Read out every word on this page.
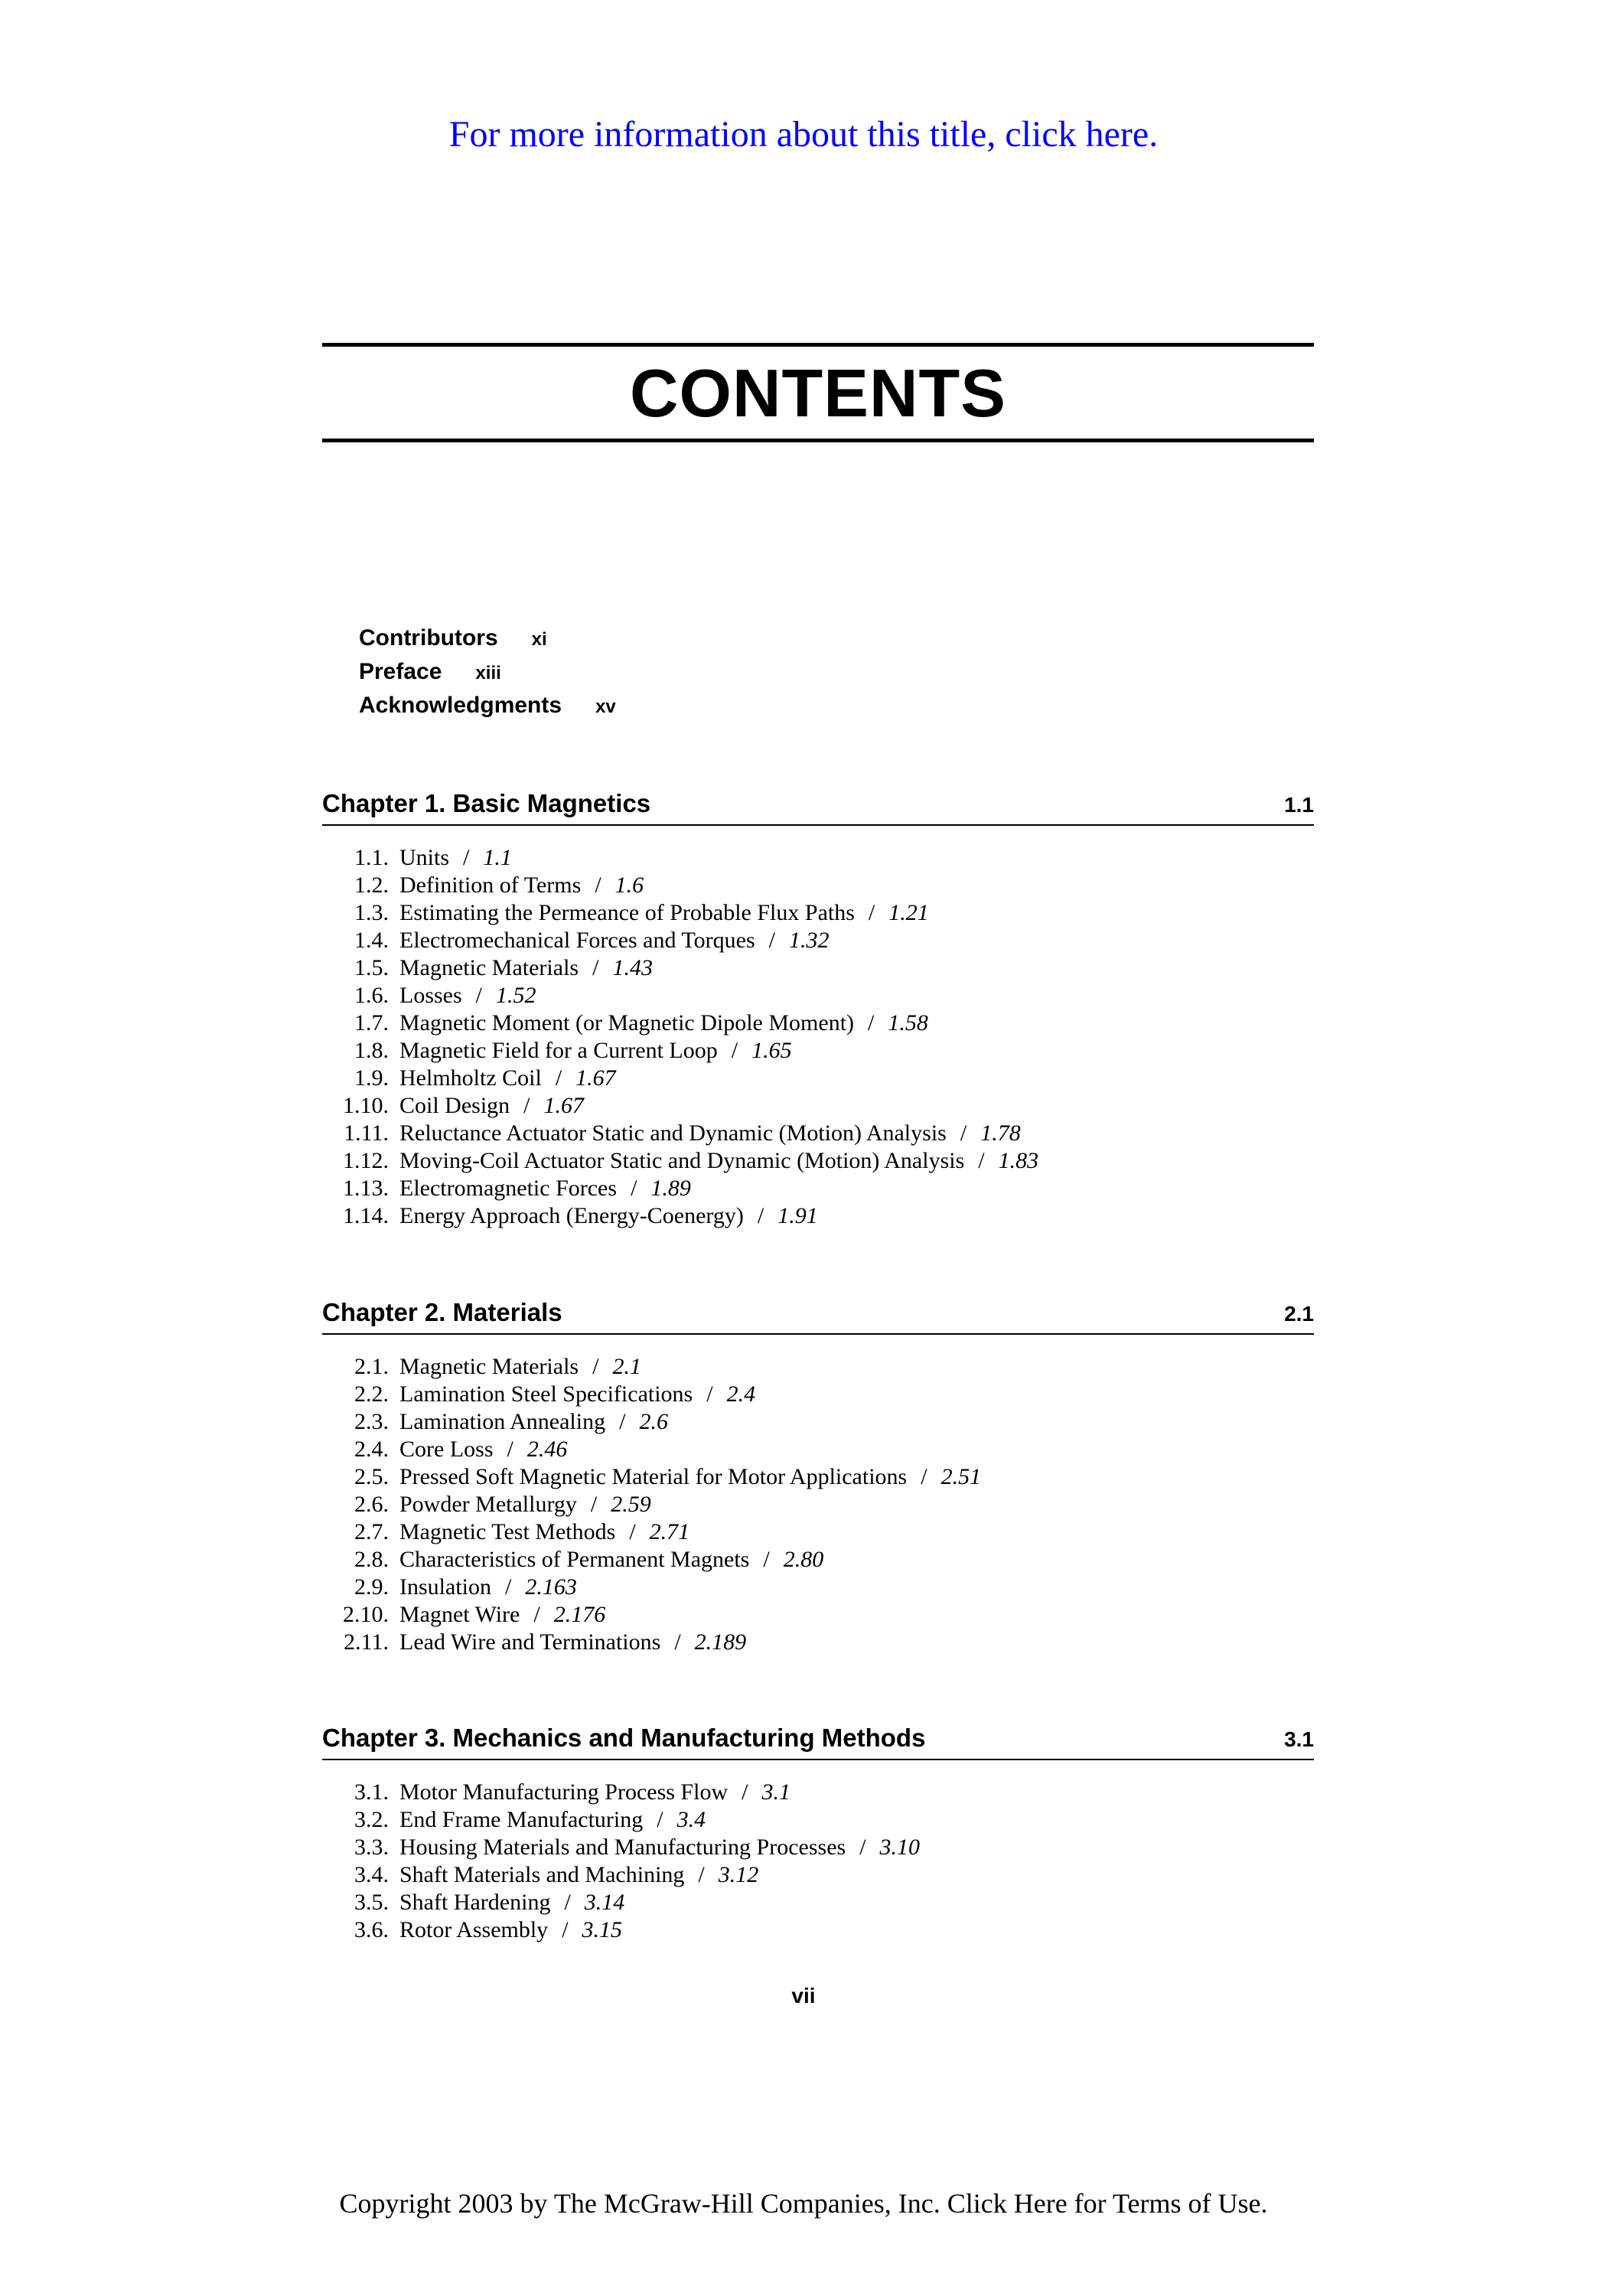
For more information about this title, click here.
CONTENTS
Contributors xi
Preface xiii
Acknowledgments xv
Chapter 1. Basic Magnetics	1.1
1.1. Units / 1.1
1.2. Definition of Terms / 1.6
1.3. Estimating the Permeance of Probable Flux Paths / 1.21
1.4. Electromechanical Forces and Torques / 1.32
1.5. Magnetic Materials / 1.43
1.6. Losses / 1.52
1.7. Magnetic Moment (or Magnetic Dipole Moment) / 1.58
1.8. Magnetic Field for a Current Loop / 1.65
1.9. Helmholtz Coil / 1.67
1.10. Coil Design / 1.67
1.11. Reluctance Actuator Static and Dynamic (Motion) Analysis / 1.78
1.12. Moving-Coil Actuator Static and Dynamic (Motion) Analysis / 1.83
1.13. Electromagnetic Forces / 1.89
1.14. Energy Approach (Energy-Coenergy) / 1.91
Chapter 2. Materials	2.1
2.1. Magnetic Materials / 2.1
2.2. Lamination Steel Specifications / 2.4
2.3. Lamination Annealing / 2.6
2.4. Core Loss / 2.46
2.5. Pressed Soft Magnetic Material for Motor Applications / 2.51
2.6. Powder Metallurgy / 2.59
2.7. Magnetic Test Methods / 2.71
2.8. Characteristics of Permanent Magnets / 2.80
2.9. Insulation / 2.163
2.10. Magnet Wire / 2.176
2.11. Lead Wire and Terminations / 2.189
Chapter 3. Mechanics and Manufacturing Methods	3.1
3.1. Motor Manufacturing Process Flow / 3.1
3.2. End Frame Manufacturing / 3.4
3.3. Housing Materials and Manufacturing Processes / 3.10
3.4. Shaft Materials and Machining / 3.12
3.5. Shaft Hardening / 3.14
3.6. Rotor Assembly / 3.15
vii
Copyright 2003 by The McGraw-Hill Companies, Inc. Click Here for Terms of Use.
